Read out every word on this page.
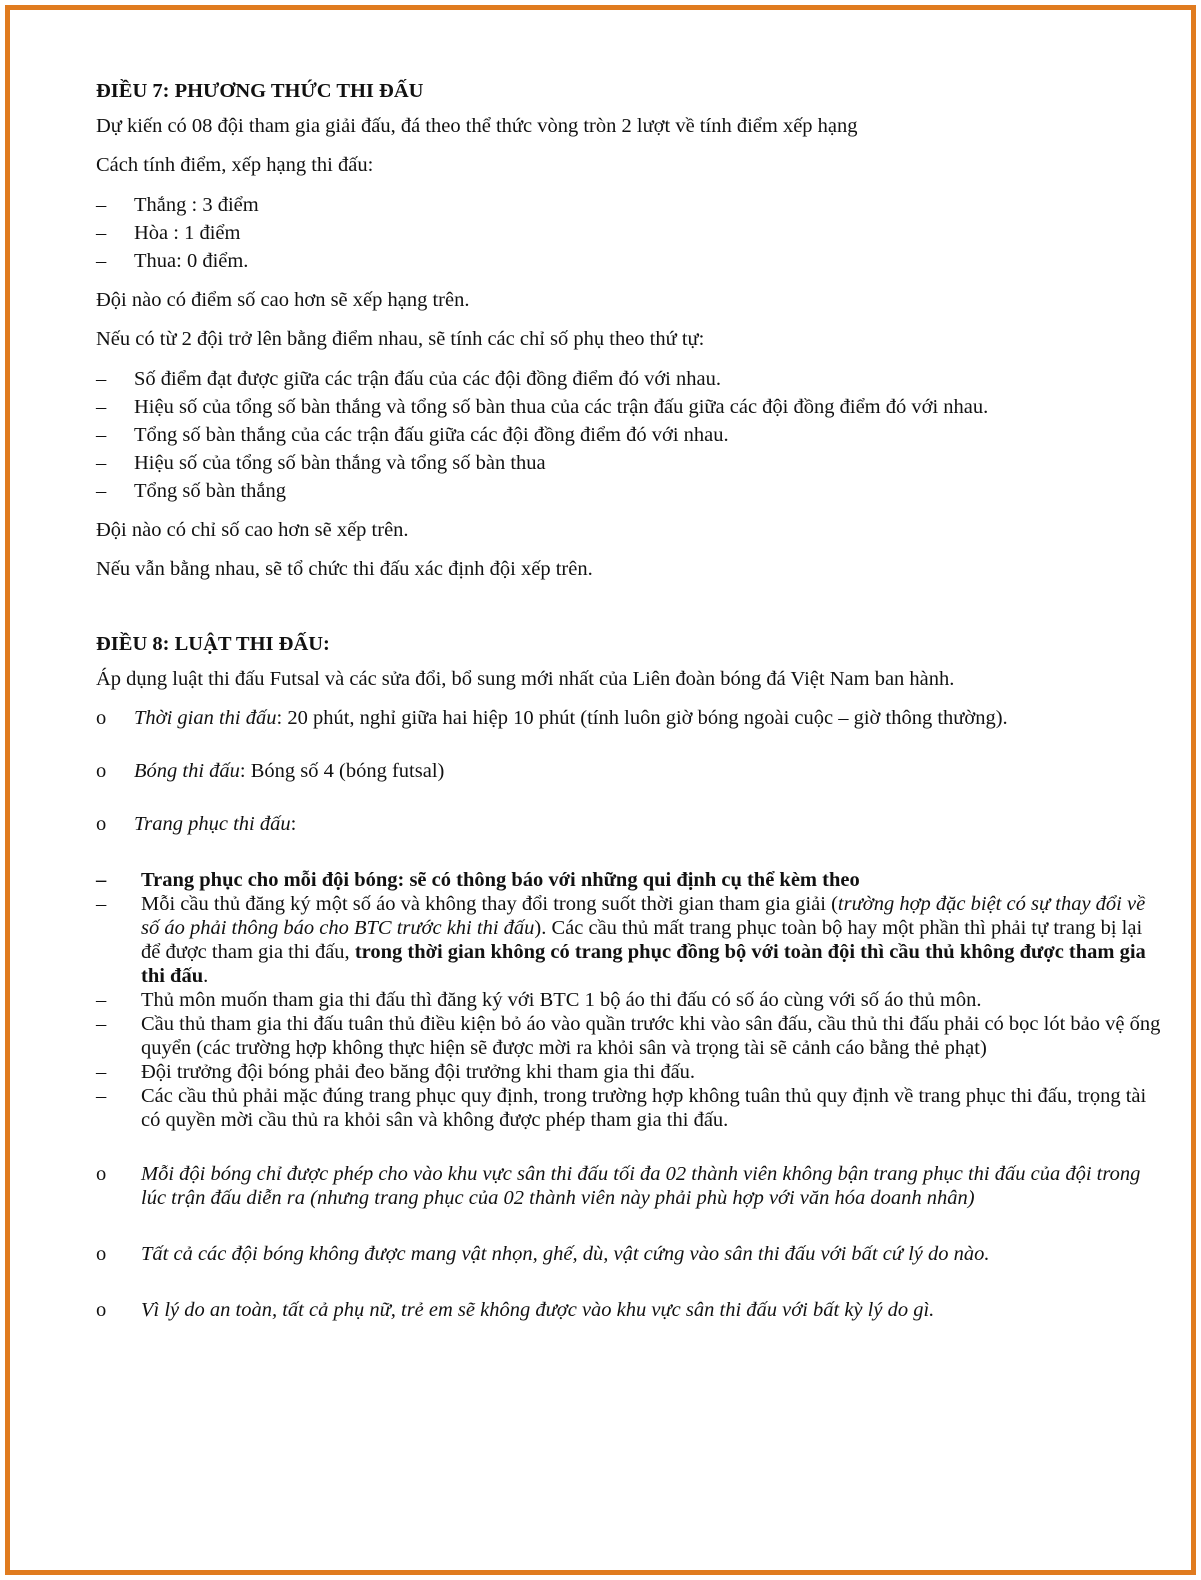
ĐIỀU 7: PHƯƠNG THỨC THI ĐẤU

Dự kiến có 08 đội tham gia giải đấu, đá theo thể thức vòng tròn 2 lượt về tính điểm xếp hạng

Cách tính điểm, xếp hạng thi đấu:

– Thắng : 3 điểm
– Hòa : 1 điểm
– Thua: 0 điểm.

Đội nào có điểm số cao hơn sẽ xếp hạng trên.

Nếu có từ 2 đội trở lên bằng điểm nhau, sẽ tính các chỉ số phụ theo thứ tự:

– Số điểm đạt được giữa các trận đấu của các đội đồng điểm đó với nhau.
– Hiệu số của tổng số bàn thắng và tổng số bàn thua của các trận đấu giữa các đội đồng điểm đó với nhau.
– Tổng số bàn thắng của các trận đấu giữa các đội đồng điểm đó với nhau.
– Hiệu số của tổng số bàn thắng và tổng số bàn thua
– Tổng số bàn thắng

Đội nào có chỉ số cao hơn sẽ xếp trên.

Nếu vẫn bằng nhau, sẽ tổ chức thi đấu xác định đội xếp trên.

ĐIỀU 8: LUẬT THI ĐẤU:

Áp dụng luật thi đấu Futsal và các sửa đổi, bổ sung mới nhất của Liên đoàn bóng đá Việt Nam ban hành.

o Thời gian thi đấu: 20 phút, nghỉ giữa hai hiệp 10 phút (tính luôn giờ bóng ngoài cuộc – giờ thông thường).
o Bóng thi đấu: Bóng số 4 (bóng futsal)
o Trang phục thi đấu:
– Trang phục cho mỗi đội bóng: sẽ có thông báo với những qui định cụ thể kèm theo
– Mỗi cầu thủ đăng ký một số áo và không thay đổi trong suốt thời gian tham gia giải (trường hợp đặc biệt có sự thay đổi về số áo phải thông báo cho BTC trước khi thi đấu). Các cầu thủ mất trang phục toàn bộ hay một phần thì phải tự trang bị lại để được tham gia thi đấu, trong thời gian không có trang phục đồng bộ với toàn đội thì cầu thủ không được tham gia thi đấu.
– Thủ môn muốn tham gia thi đấu thì đăng ký với BTC 1 bộ áo thi đấu có số áo cùng với số áo thủ môn.
– Cầu thủ tham gia thi đấu tuân thủ điều kiện bỏ áo vào quần trước khi vào sân đấu, cầu thủ thi đấu phải có bọc lót bảo vệ ống quyển (các trường hợp không thực hiện sẽ được mời ra khỏi sân và trọng tài sẽ cảnh cáo bằng thẻ phạt)
– Đội trưởng đội bóng phải đeo băng đội trưởng khi tham gia thi đấu.
– Các cầu thủ phải mặc đúng trang phục quy định, trong trường hợp không tuân thủ quy định về trang phục thi đấu, trọng tài có quyền mời cầu thủ ra khỏi sân và không được phép tham gia thi đấu.
o Mỗi đội bóng chỉ được phép cho vào khu vực sân thi đấu tối đa 02 thành viên không bận trang phục thi đấu của đội trong lúc trận đấu diễn ra (nhưng trang phục của 02 thành viên này phải phù hợp với văn hóa doanh nhân)
o Tất cả các đội bóng không được mang vật nhọn, ghế, dù, vật cứng vào sân thi đấu với bất cứ lý do nào.
o Vì lý do an toàn, tất cả phụ nữ, trẻ em sẽ không được vào khu vực sân thi đấu với bất kỳ lý do gì.
